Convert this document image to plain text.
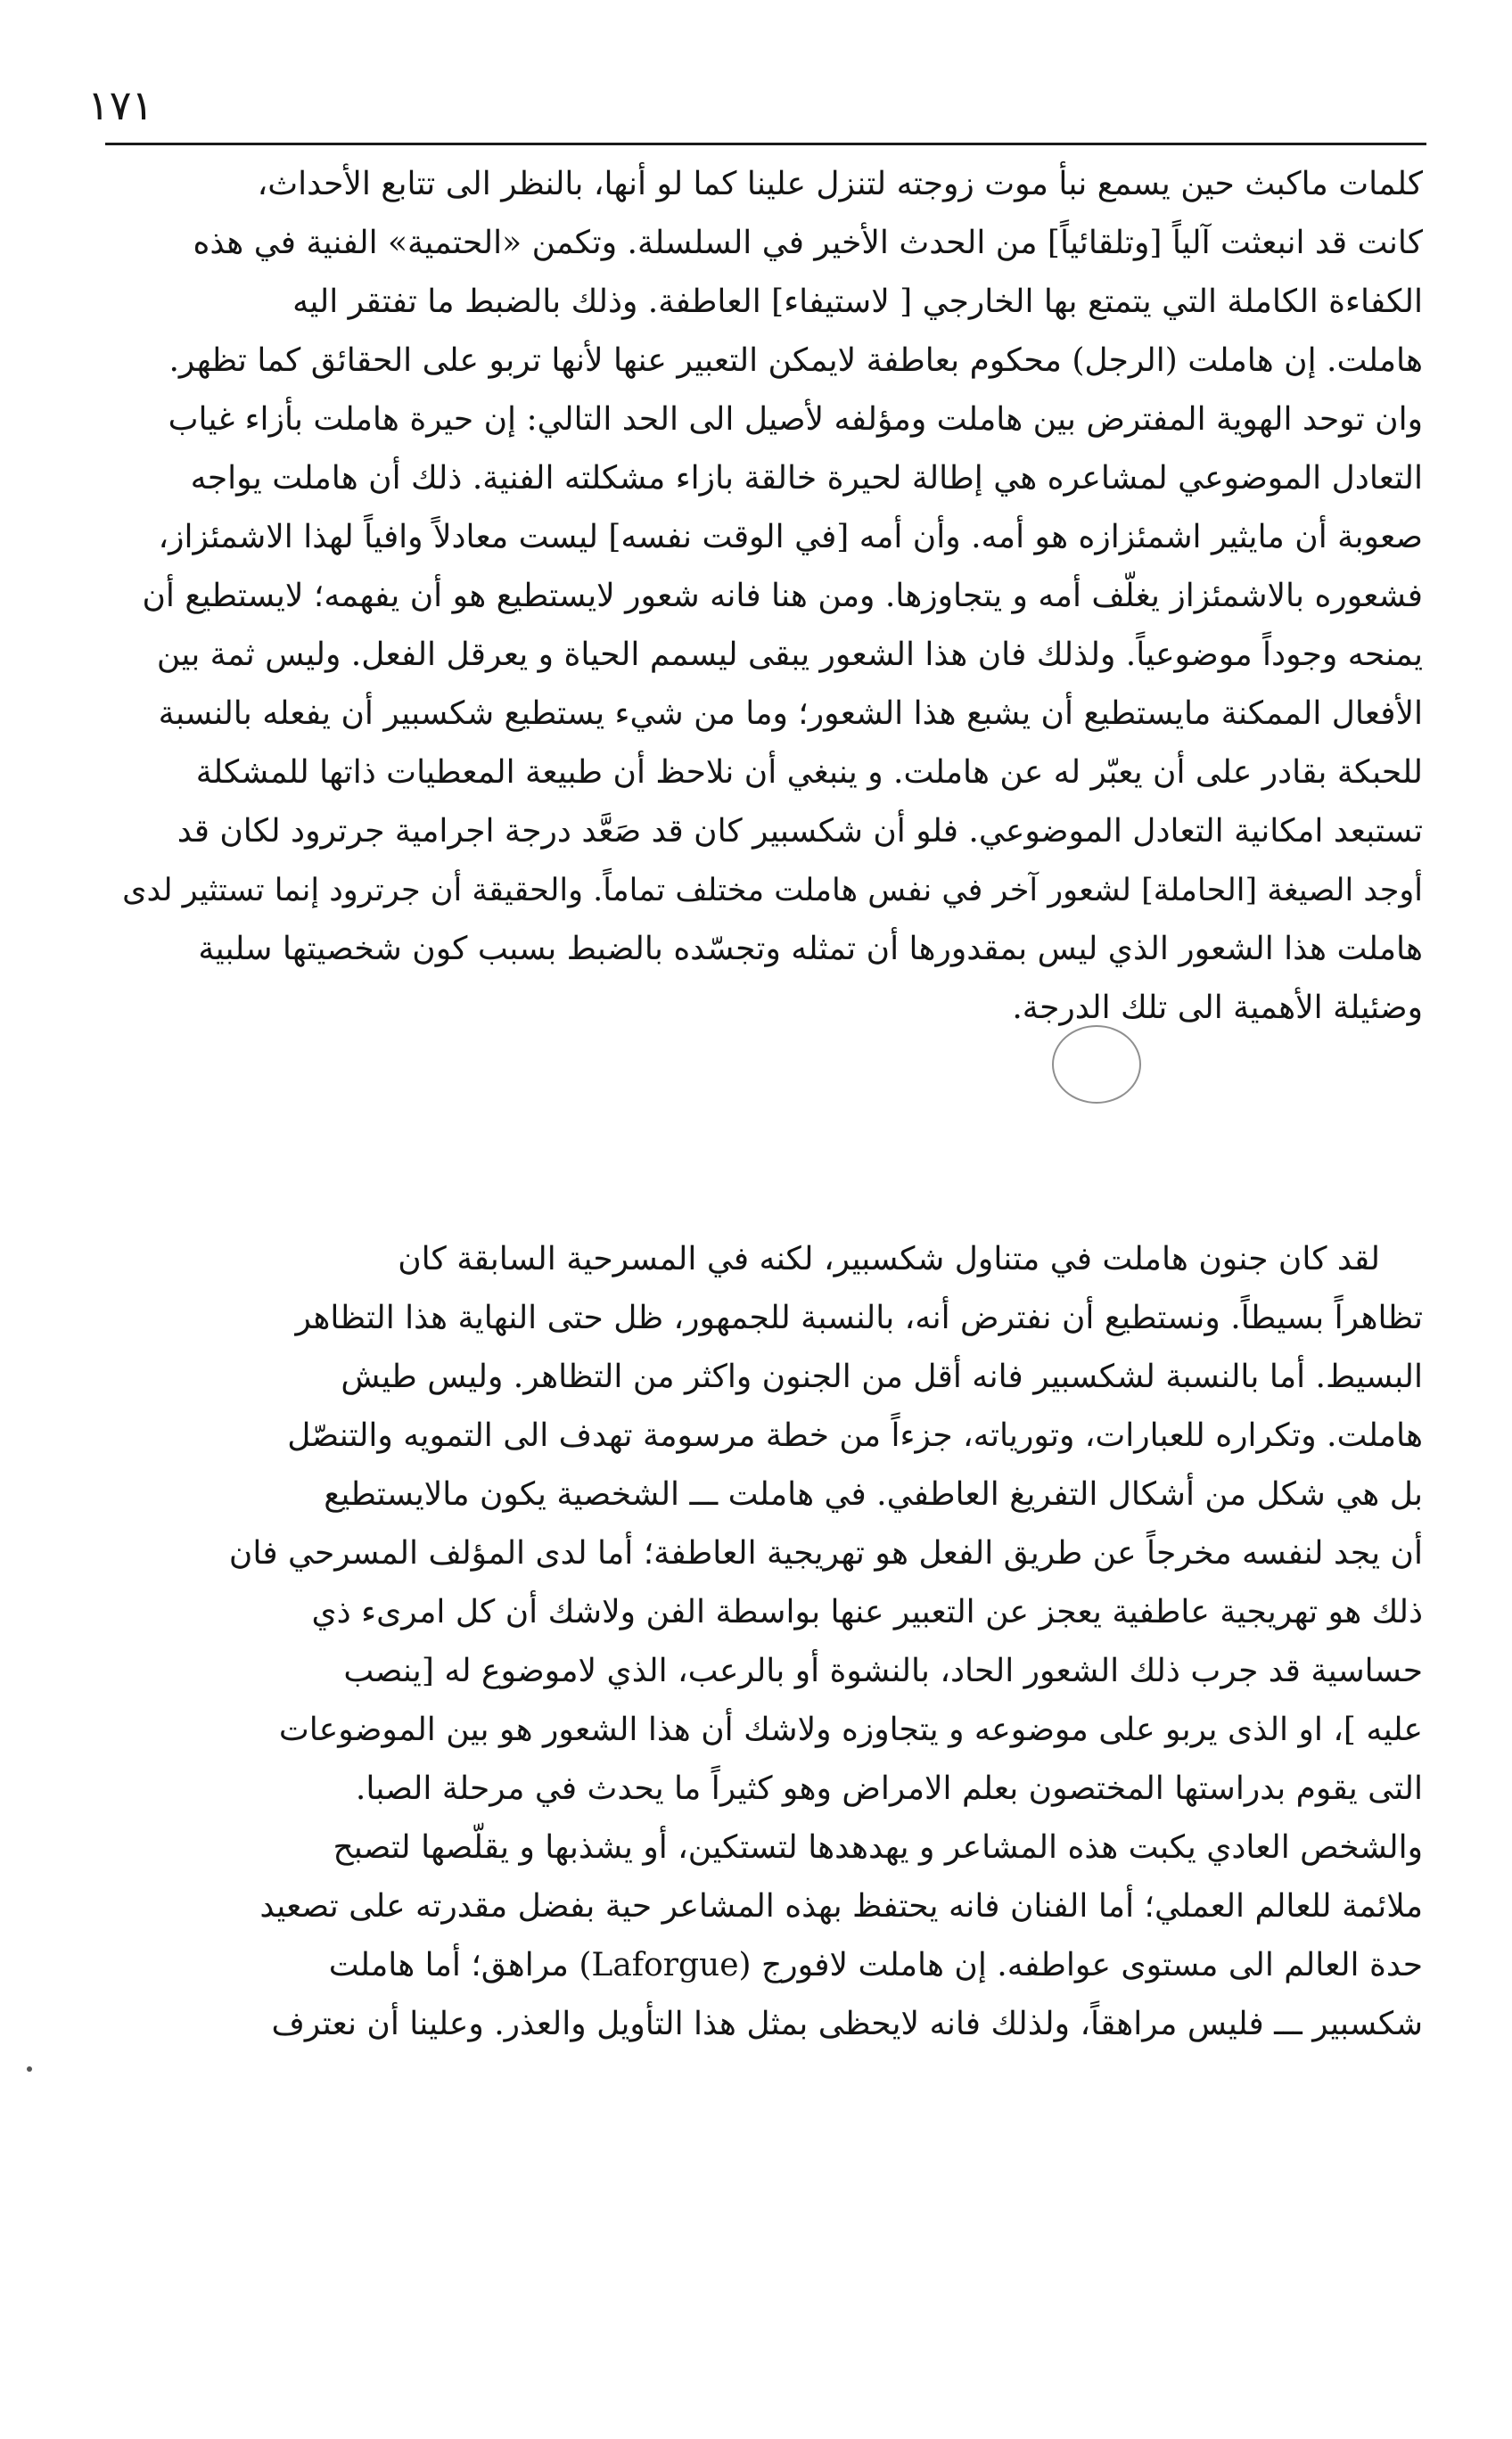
١٧١
كلمات ماكبث حين يسمع نبأ موت زوجته لتنزل علينا كما لو أنها، بالنظر الى تتابع الأحداث،
كانت قد انبعثت آلياً [وتلقائياً] من الحدث الأخير في السلسلة. وتكمن «الحتمية» الفنية في هذه
الكفاءة الكاملة التي يتمتع بها الخارجي [ لاستيفاء] العاطفة. وذلك بالضبط ما تفتقر اليه
هاملت. إن هاملت (الرجل) محكوم بعاطفة لايمكن التعبير عنها لأنها تربو على الحقائق كما تظهر.
وان توحد الهوية المفترض بين هاملت ومؤلفه لأصيل الى الحد التالي: إن حيرة هاملت بأزاء غياب
التعادل الموضوعي لمشاعره هي إطالة لحيرة خالقة بازاء مشكلته الفنية. ذلك أن هاملت يواجه
صعوبة أن مايثير اشمئزازه هو أمه. وأن أمه [في الوقت نفسه] ليست معادلاً وافياً لهذا الاشمئزاز،
فشعوره بالاشمئزاز يغلّف أمه و يتجاوزها. ومن هنا فانه شعور لايستطيع هو أن يفهمه؛ لايستطيع أن
يمنحه وجوداً موضوعياً. ولذلك فان هذا الشعور يبقى ليسمم الحياة و يعرقل الفعل. وليس ثمة بين
الأفعال الممكنة مايستطيع أن يشبع هذا الشعور؛ وما من شيء يستطيع شكسبير أن يفعله بالنسبة
للحبكة بقادر على أن يعبّر له عن هاملت. و ينبغي أن نلاحظ أن طبيعة المعطيات ذاتها للمشكلة
تستبعد امكانية التعادل الموضوعي. فلو أن شكسبير كان قد صَعَّد درجة اجرامية جرترود لكان قد
أوجد الصيغة [الحاملة] لشعور آخر في نفس هاملت مختلف تماماً. والحقيقة أن جرترود إنما تستثير لدى
هاملت هذا الشعور الذي ليس بمقدورها أن تمثله وتجسّده بالضبط بسبب كون شخصيتها سلبية
وضئيلة الأهمية الى تلك الدرجة.
لقد كان جنون هاملت في متناول شكسبير، لكنه في المسرحية السابقة كان
تظاهراً بسيطاً. ونستطيع أن نفترض أنه، بالنسبة للجمهور، ظل حتى النهاية هذا التظاهر
البسيط. أما بالنسبة لشكسبير فانه أقل من الجنون واكثر من التظاهر. وليس طيش
هاملت. وتكراره للعبارات، وتورياته، جزءاً من خطة مرسومة تهدف الى التمويه والتنصّل
بل هي شكل من أشكال التفريغ العاطفي. في هاملت ـــ الشخصية يكون مالايستطيع
أن يجد لنفسه مخرجاً عن طريق الفعل هو تهريجية العاطفة؛ أما لدى المؤلف المسرحي فان
ذلك هو تهريجية عاطفية يعجز عن التعبير عنها بواسطة الفن ولاشك أن كل امرىء ذي
حساسية قد جرب ذلك الشعور الحاد، بالنشوة أو بالرعب، الذي لاموضوع له [ينصب
عليه ]، او الذى يربو على موضوعه و يتجاوزه ولاشك أن هذا الشعور هو بين الموضوعات
التى يقوم بدراستها المختصون بعلم الامراض وهو كثيراً ما يحدث في مرحلة الصبا.
والشخص العادي يكبت هذه المشاعر و يهدهدها لتستكين، أو يشذبها و يقلّصها لتصبح
ملائمة للعالم العملي؛ أما الفنان فانه يحتفظ بهذه المشاعر حية بفضل مقدرته على تصعيد
حدة العالم الى مستوى عواطفه. إن هاملت لافورج (Laforgue) مراهق؛ أما هاملت
شكسبير ـــ فليس مراهقاً، ولذلك فانه لايحظى بمثل هذا التأويل والعذر. وعلينا أن نعترف
